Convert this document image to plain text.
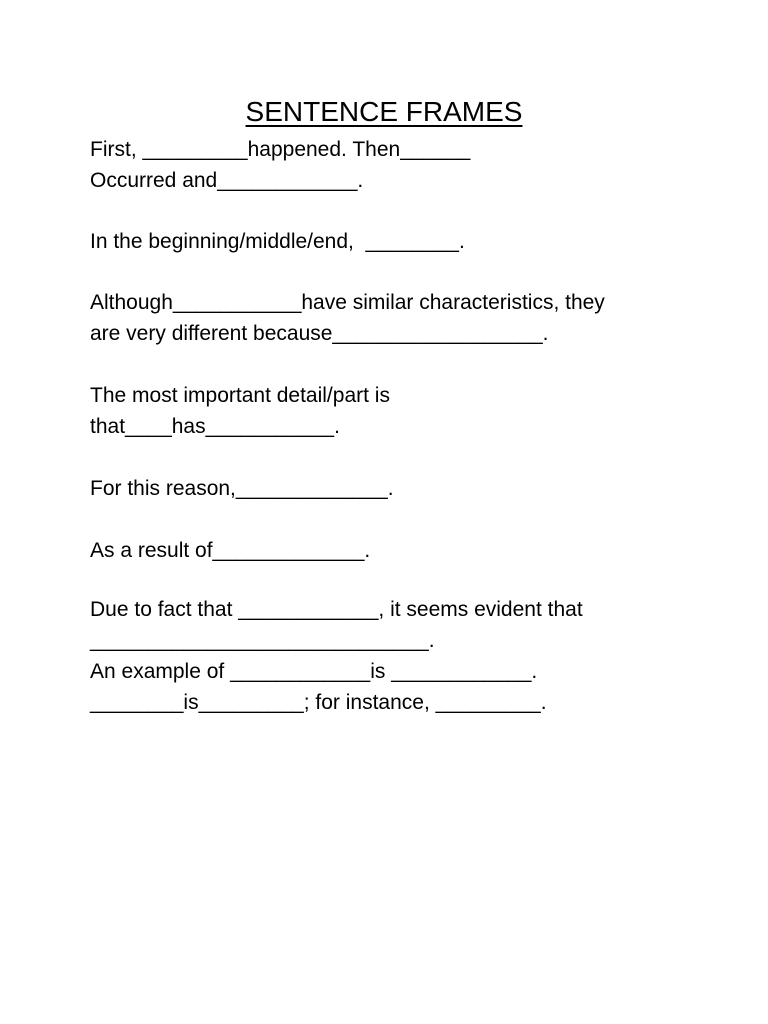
SENTENCE FRAMES
First, _________happened. Then______
Occurred and____________.
In the beginning/middle/end,  ________.
Although___________have similar characteristics, they
are very different because__________________.
The most important detail/part is
that____has___________.
For this reason,_____________.
As a result of_____________.
Due to fact that ____________, it seems evident that
_____________________________.
An example of ____________is ____________.
________is_________; for instance, _________.
